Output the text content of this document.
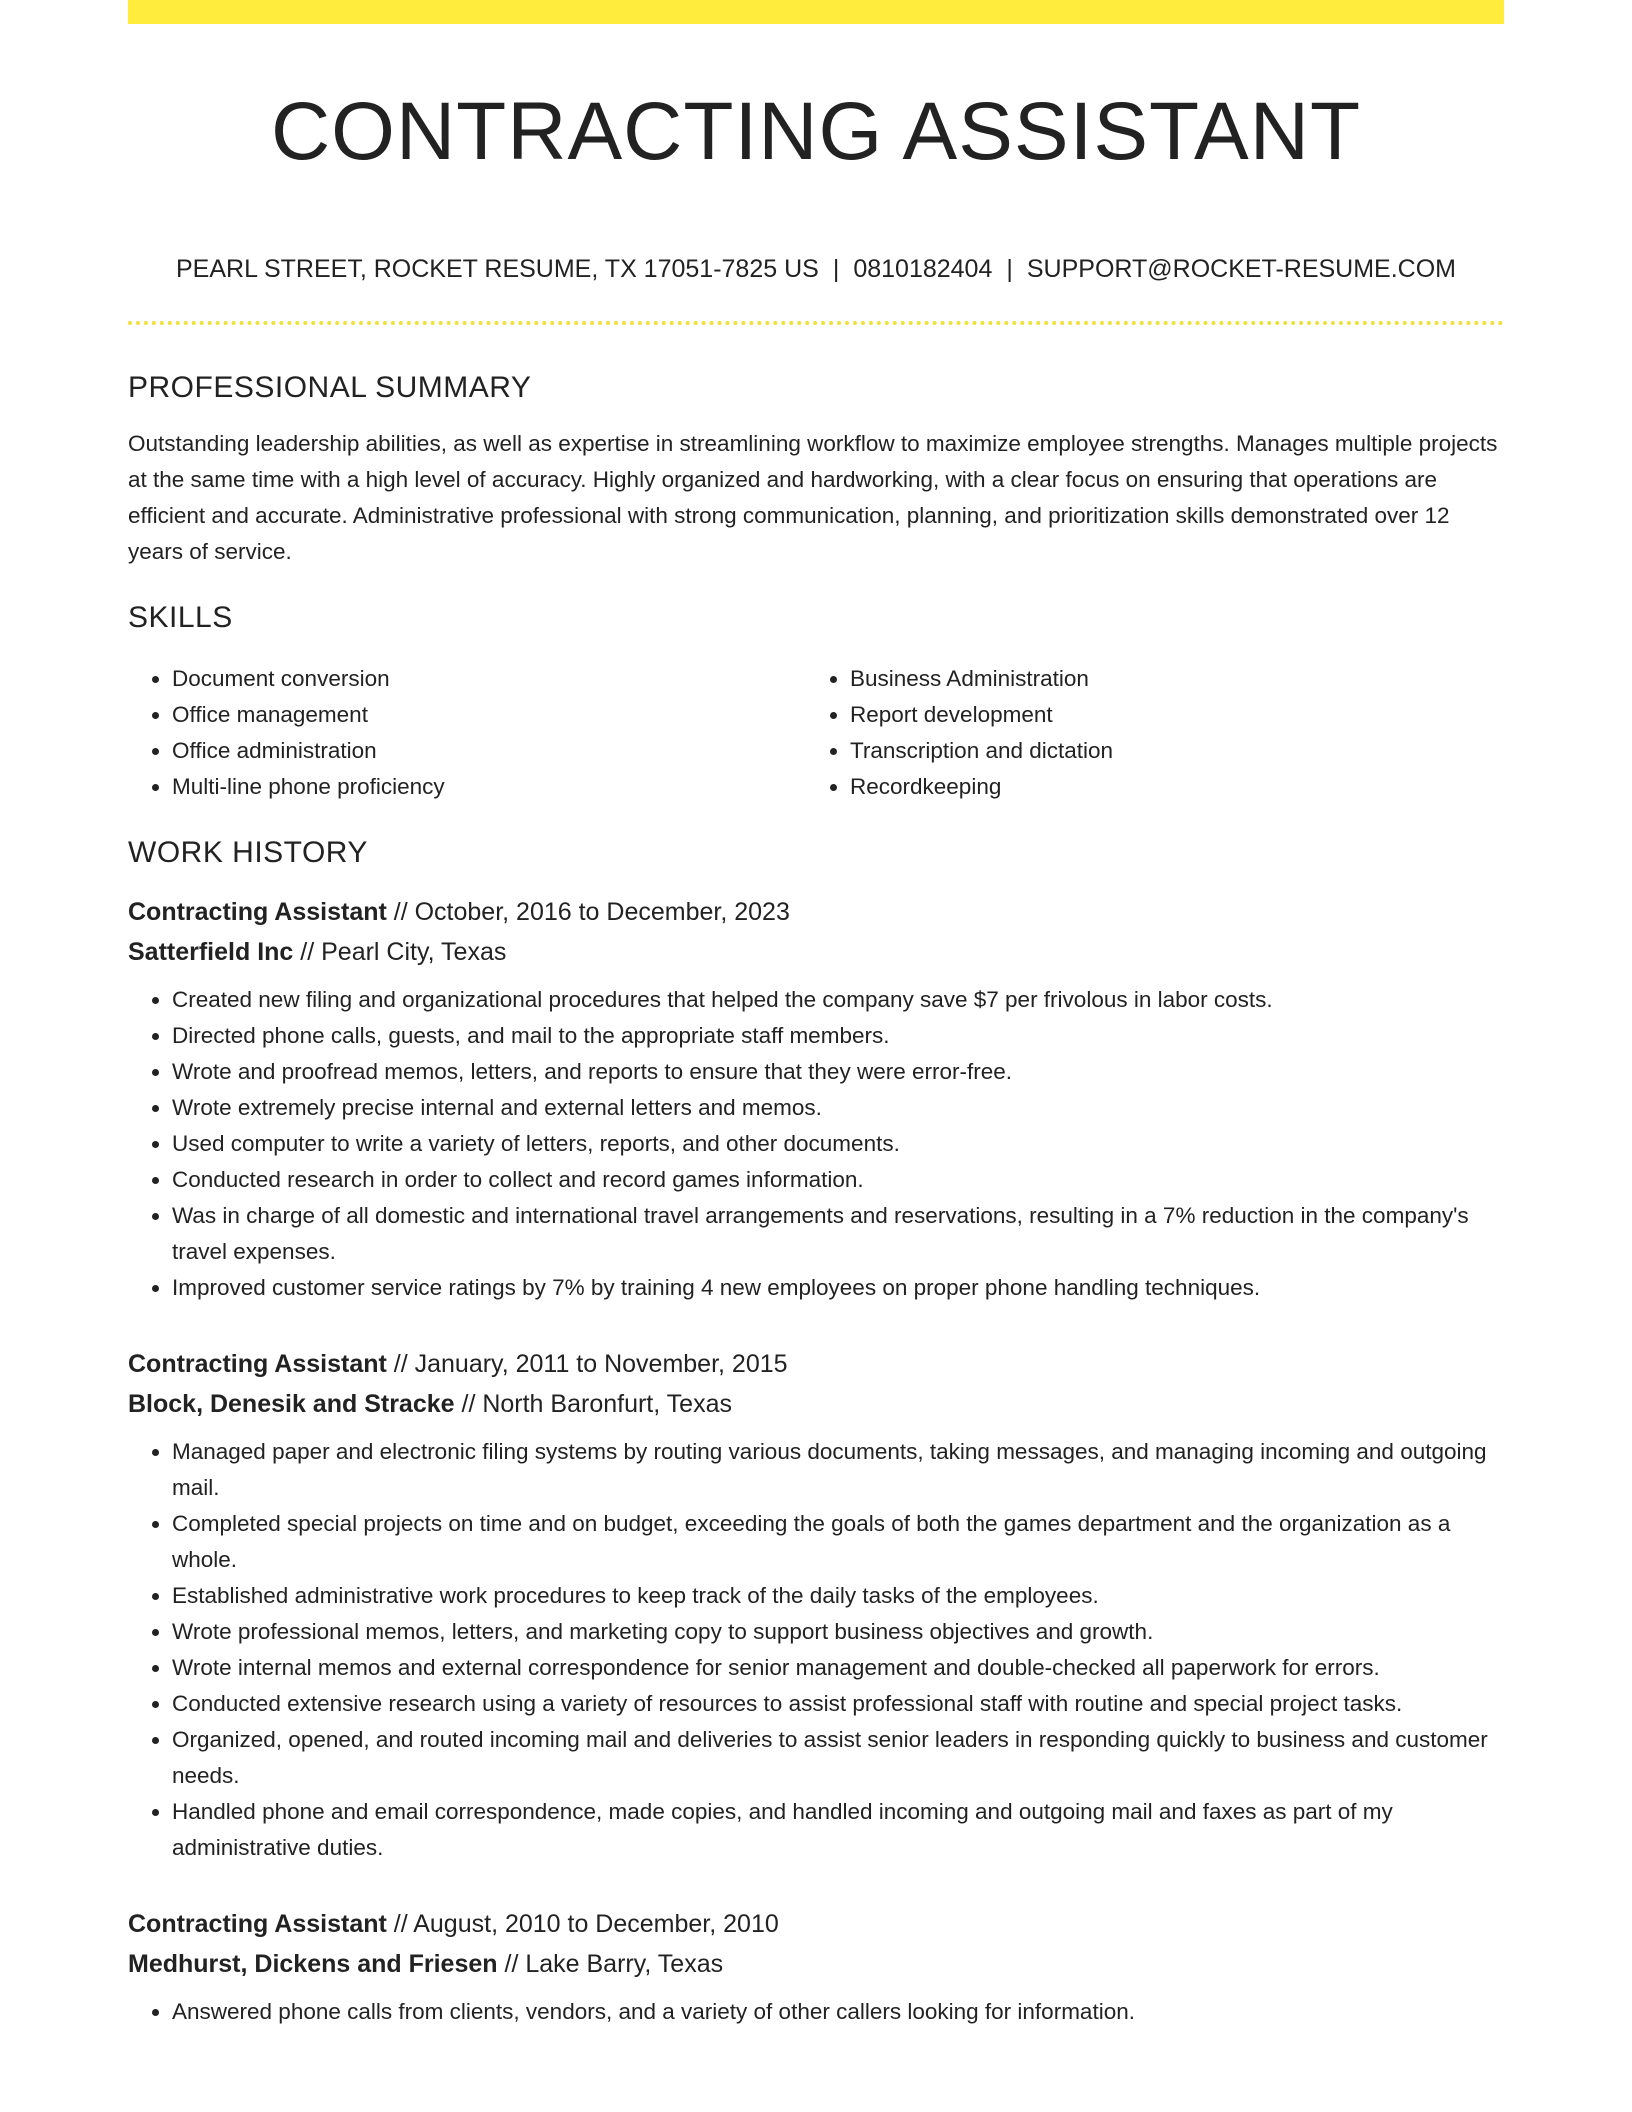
CONTRACTING ASSISTANT
PEARL STREET, ROCKET RESUME, TX 17051-7825 US | 0810182404 | SUPPORT@ROCKET-RESUME.COM
PROFESSIONAL SUMMARY
Outstanding leadership abilities, as well as expertise in streamlining workflow to maximize employee strengths. Manages multiple projects at the same time with a high level of accuracy. Highly organized and hardworking, with a clear focus on ensuring that operations are efficient and accurate. Administrative professional with strong communication, planning, and prioritization skills demonstrated over 12 years of service.
SKILLS
• Document conversion
• Office management
• Office administration
• Multi-line phone proficiency
• Business Administration
• Report development
• Transcription and dictation
• Recordkeeping
WORK HISTORY
Contracting Assistant // October, 2016 to December, 2023
Satterfield Inc // Pearl City, Texas
• Created new filing and organizational procedures that helped the company save $7 per frivolous in labor costs.
• Directed phone calls, guests, and mail to the appropriate staff members.
• Wrote and proofread memos, letters, and reports to ensure that they were error-free.
• Wrote extremely precise internal and external letters and memos.
• Used computer to write a variety of letters, reports, and other documents.
• Conducted research in order to collect and record games information.
• Was in charge of all domestic and international travel arrangements and reservations, resulting in a 7% reduction in the company's travel expenses.
• Improved customer service ratings by 7% by training 4 new employees on proper phone handling techniques.
Contracting Assistant // January, 2011 to November, 2015
Block, Denesik and Stracke // North Baronfurt, Texas
• Managed paper and electronic filing systems by routing various documents, taking messages, and managing incoming and outgoing mail.
• Completed special projects on time and on budget, exceeding the goals of both the games department and the organization as a whole.
• Established administrative work procedures to keep track of the daily tasks of the employees.
• Wrote professional memos, letters, and marketing copy to support business objectives and growth.
• Wrote internal memos and external correspondence for senior management and double-checked all paperwork for errors.
• Conducted extensive research using a variety of resources to assist professional staff with routine and special project tasks.
• Organized, opened, and routed incoming mail and deliveries to assist senior leaders in responding quickly to business and customer needs.
• Handled phone and email correspondence, made copies, and handled incoming and outgoing mail and faxes as part of my administrative duties.
Contracting Assistant // August, 2010 to December, 2010
Medhurst, Dickens and Friesen // Lake Barry, Texas
• Answered phone calls from clients, vendors, and a variety of other callers looking for information.
